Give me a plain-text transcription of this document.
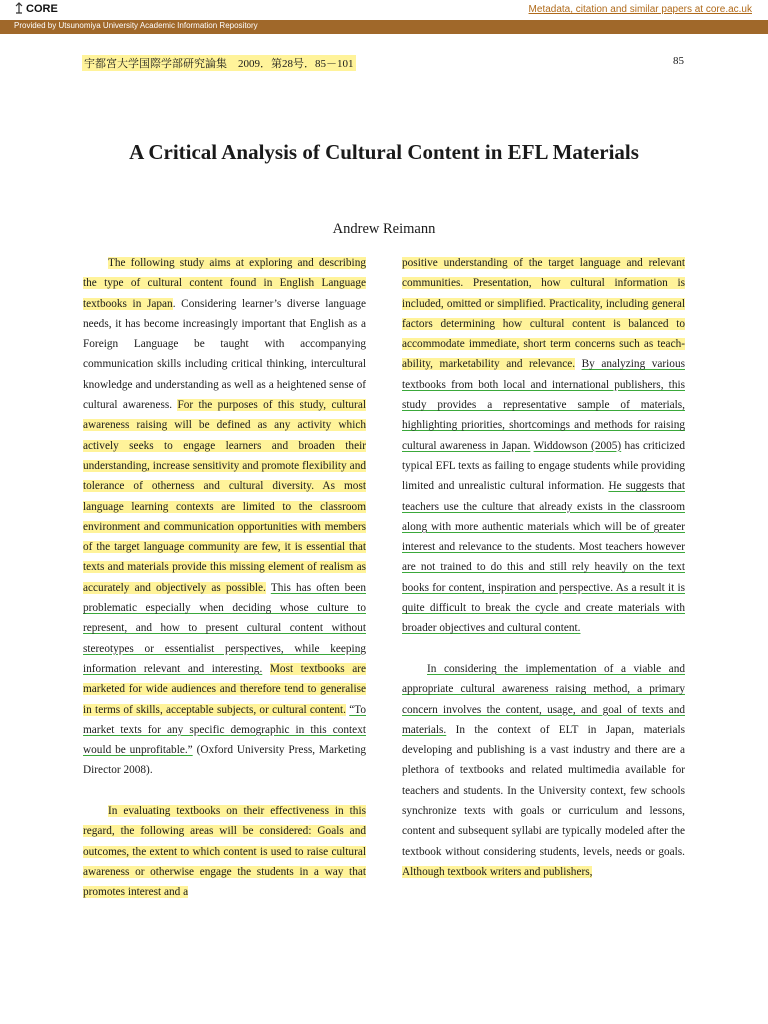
CORE	Metadata, citation and similar papers at core.ac.uk
Provided by Utsunomiya University Academic Information Repository
宇都宮大学国際学部研究論集　2009．第28号．85－101	85
A Critical Analysis of Cultural Content in EFL Materials
Andrew Reimann

The following study aims at exploring and describing the type of cultural content found in English Language textbooks in Japan. Considering learner’s diverse language needs, it has become increasingly important that English as a Foreign Language be taught with accompanying communication skills including critical thinking, intercultural knowledge and understanding as well as a heightened sense of cultural awareness. For the purposes of this study, cultural awareness raising will be defined as any activity which actively seeks to engage learners and broaden their understanding, increase sensitivity and promote flexibility and tolerance of otherness and cultural diversity. As most language learning contexts are limited to the classroom environment and communication opportunities with members of the target language community are few, it is essential that texts and materials provide this missing element of realism as accurately and objectively as possible. This has often been problematic especially when deciding whose culture to represent, and how to present cultural content without stereotypes or essentialist perspectives, while keeping information relevant and interesting. Most textbooks are marketed for wide audiences and therefore tend to generalise in terms of skills, acceptable subjects, or cultural content. “To market texts for any specific demographic in this context would be unprofitable.” (Oxford University Press, Marketing Director 2008).

In evaluating textbooks on their effectiveness in this regard, the following areas will be considered: Goals and outcomes, the extent to which content is used to raise cultural awareness or otherwise engage the students in a way that promotes interest and a

positive understanding of the target language and relevant communities. Presentation, how cultural information is included, omitted or simplified. Practicality, including general factors determining how cultural content is balanced to accommodate immediate, short term concerns such as teach-ability, marketability and relevance. By analyzing various textbooks from both local and international publishers, this study provides a representative sample of materials, highlighting priorities, shortcomings and methods for raising cultural awareness in Japan. Widdowson (2005) has criticized typical EFL texts as failing to engage students while providing limited and unrealistic cultural information. He suggests that teachers use the culture that already exists in the classroom along with more authentic materials which will be of greater interest and relevance to the students. Most teachers however are not trained to do this and still rely heavily on the text books for content, inspiration and perspective. As a result it is quite difficult to break the cycle and create materials with broader objectives and cultural content.

In considering the implementation of a viable and appropriate cultural awareness raising method, a primary concern involves the content, usage, and goal of texts and materials. In the context of ELT in Japan, materials developing and publishing is a vast industry and there are a plethora of textbooks and related multimedia available for teachers and students. In the University context, few schools synchronize texts with goals or curriculum and lessons, content and subsequent syllabi are typically modeled after the textbook without considering students, levels, needs or goals. Although textbook writers and publishers,
